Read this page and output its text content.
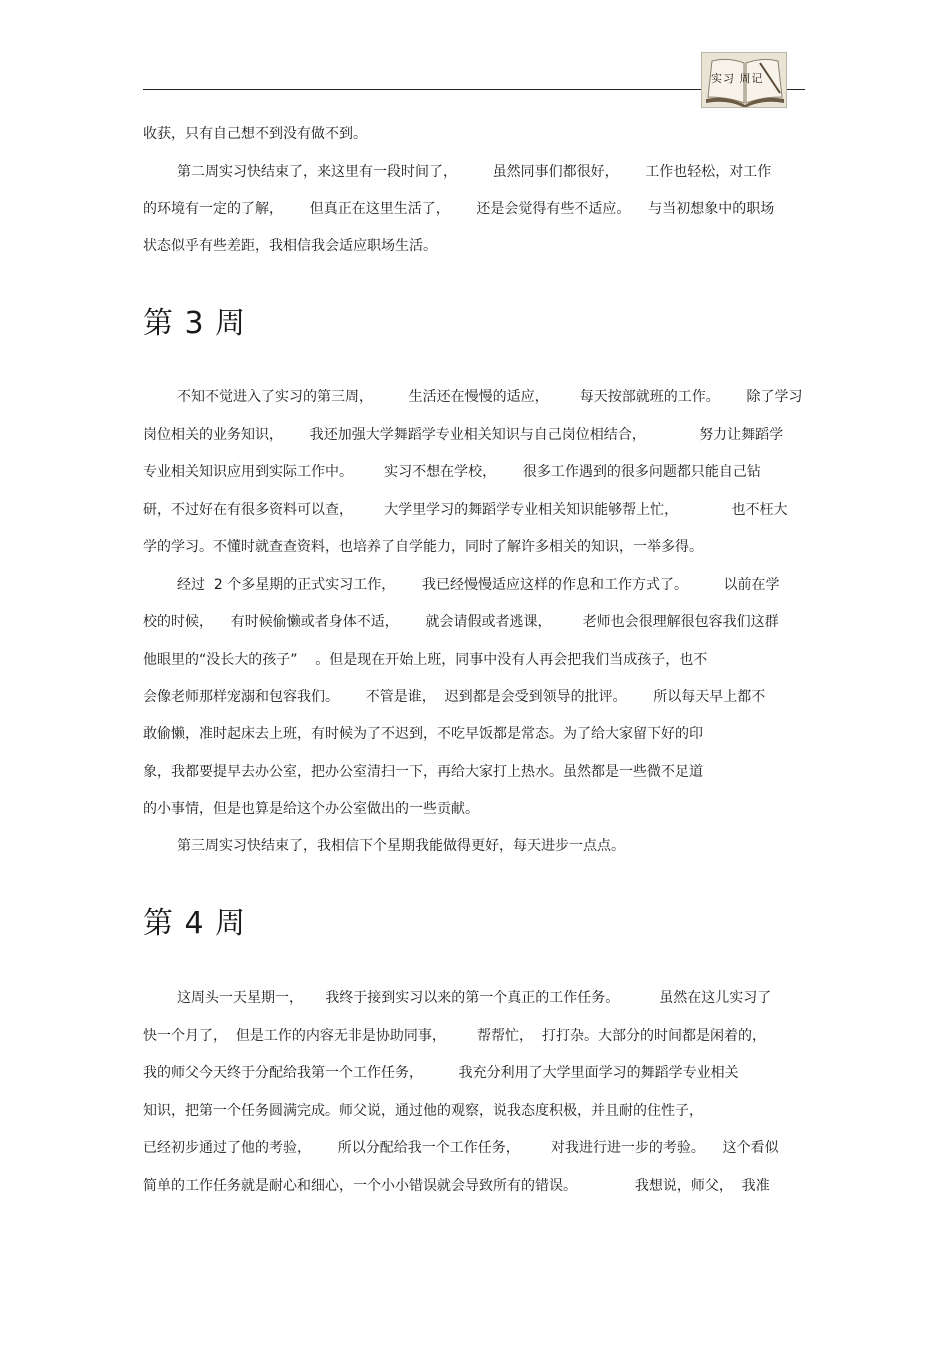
实习 周记
收获，只有自己想不到没有做不到。
第二周实习快结束了，来这里有一段时间了，        虽然同事们都很好，      工作也轻松，对工作
的环境有一定的了解，      但真正在这里生活了，      还是会觉得有些不适应。    与当初想象中的职场
状态似乎有些差距，我相信我会适应职场生活。
第 3 周
不知不觉进入了实习的第三周，        生活还在慢慢的适应，       每天按部就班的工作。      除了学习
岗位相关的业务知识，      我还加强大学舞蹈学专业相关知识与自己岗位相结合，            努力让舞蹈学
专业相关知识应用到实际工作中。       实习不想在学校，      很多工作遇到的很多问题都只能自己钻
研，不过好在有很多资料可以查，       大学里学习的舞蹈学专业相关知识能够帮上忙，            也不枉大
学的学习。不懂时就查查资料，也培养了自学能力，同时了解许多相关的知识，一举多得。
经过  2 个多星期的正式实习工作，      我已经慢慢适应这样的作息和工作方式了。        以前在学
校的时候，    有时候偷懒或者身体不适，      就会请假或者逃课，       老师也会很理解很包容我们这群
他眼里的“没长大的孩子”    。但是现在开始上班，同事中没有人再会把我们当成孩子，也不
会像老师那样宠溺和包容我们。      不管是谁，  迟到都是会受到领导的批评。      所以每天早上都不
敢偷懒，准时起床去上班，有时候为了不迟到，不吃早饭都是常态。为了给大家留下好的印
象，我都要提早去办公室，把办公室清扫一下，再给大家打上热水。虽然都是一些微不足道
的小事情，但是也算是给这个办公室做出的一些贡献。
第三周实习快结束了，我相信下个星期我能做得更好，每天进步一点点。
第 4 周
这周头一天星期一，     我终于接到实习以来的第一个真正的工作任务。         虽然在这儿实习了
快一个月了，  但是工作的内容无非是协助同事，       帮帮忙，  打打杂。大部分的时间都是闲着的，
我的师父今天终于分配给我第一个工作任务，        我充分利用了大学里面学习的舞蹈学专业相关
知识，把第一个任务圆满完成。师父说，通过他的观察，说我态度积极，并且耐的住性子，
已经初步通过了他的考验，      所以分配给我一个工作任务，       对我进行进一步的考验。    这个看似
简单的工作任务就是耐心和细心，一个小小错误就会导致所有的错误。             我想说，师父，  我准
